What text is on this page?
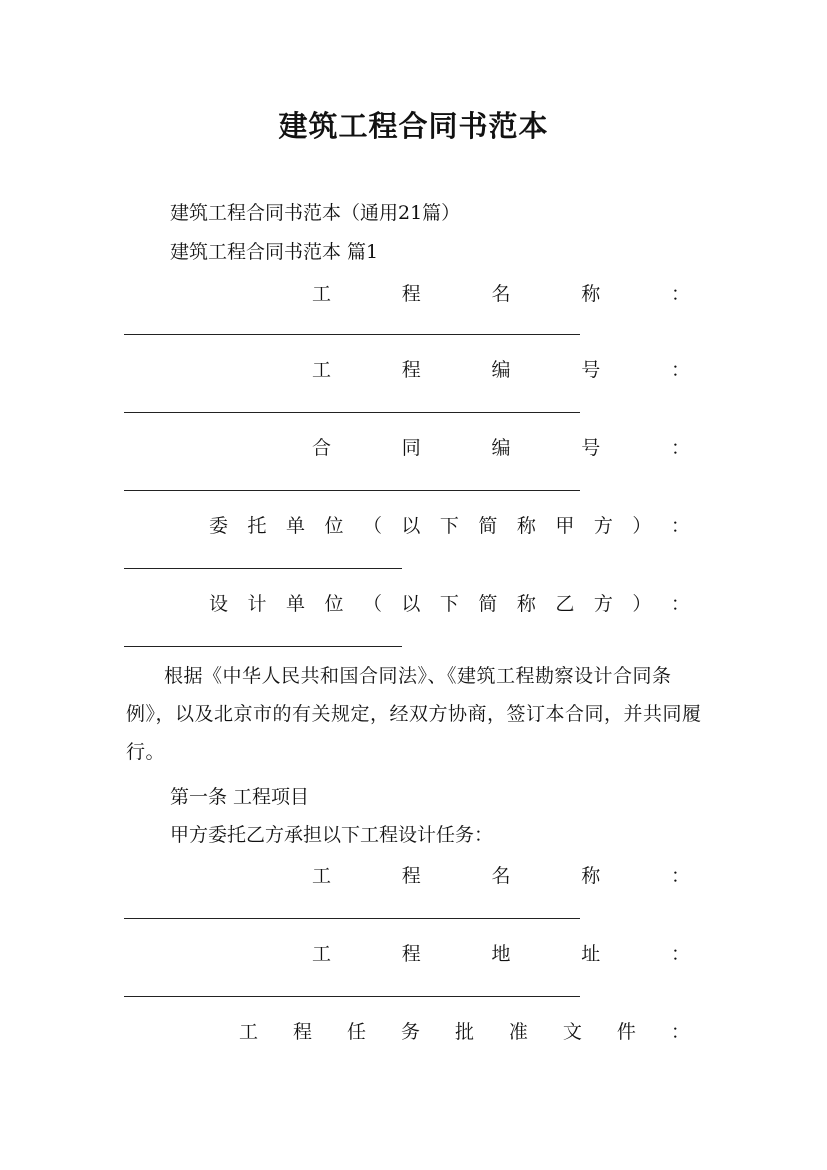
建筑工程合同书范本

建筑工程合同书范本（通用21篇）

建筑工程合同书范本 篇1

工	程	名	称	：
工	程	编	号	：
合	同	编	号	：
委 托 单 位 （ 以 下 简 称 甲 方 ） ：
设 计 单 位 （ 以 下 简 称 乙 方 ） ：

根据《中华人民共和国合同法》、《建筑工程勘察设计合同条例》，以及北京市的有关规定，经双方协商，签订本合同，并共同履行。

第一条 工程项目

甲方委托乙方承担以下工程设计任务：

工	程	名	称	：
工	程	地	址	：
工 程 任 务 批 准 文 件 ：
